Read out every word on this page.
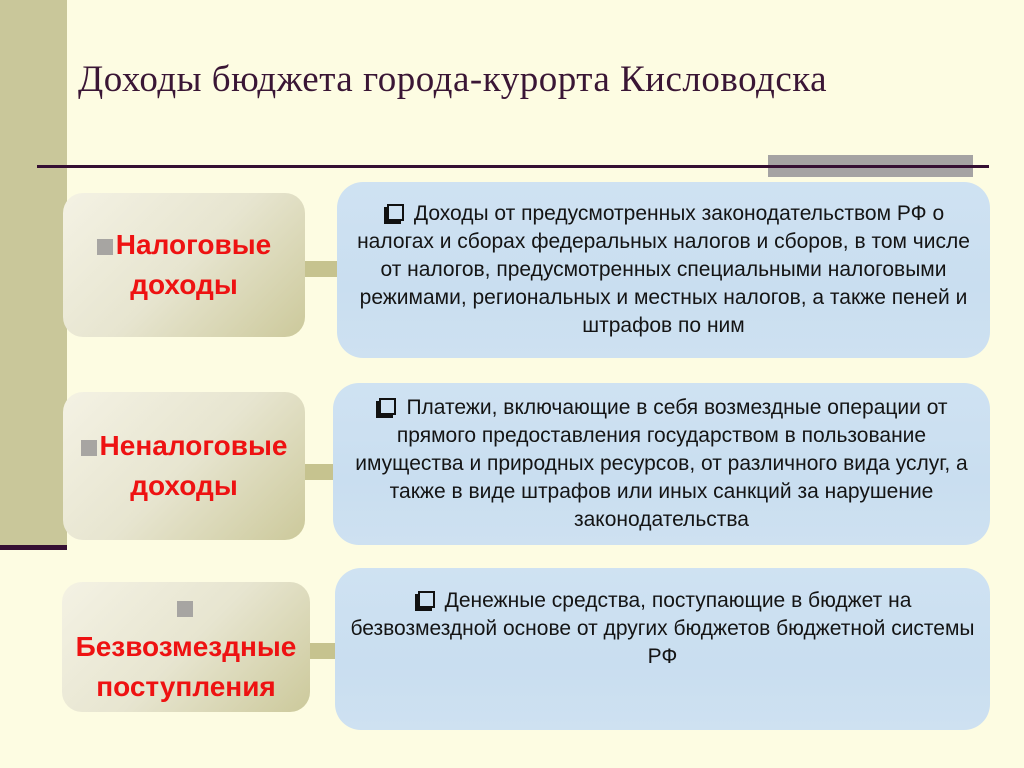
Доходы бюджета города-курорта Кисловодска
Налоговые доходы
Доходы от предусмотренных законодательством РФ о налогах и сборах федеральных налогов и сборов, в том числе от налогов, предусмотренных специальными налоговыми режимами, региональных и местных налогов, а также пеней и штрафов по ним
Неналоговые доходы
Платежи, включающие в себя возмездные операции от прямого предоставления государством в пользование имущества и природных ресурсов, от различного вида услуг, а также в виде штрафов или иных санкций за нарушение законодательства
Безвозмездные поступления
Денежные средства, поступающие в бюджет на безвозмездной основе от других бюджетов бюджетной системы РФ
